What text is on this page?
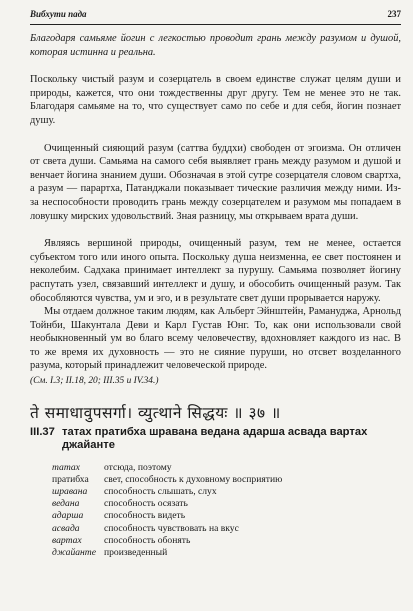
Вибхути пада	237

Благодаря самьяме йогин с легкостью проводит грань между разумом и душой, которая истинна и реальна.

Поскольку чистый разум и созерцатель в своем единстве служат целям души и природы, кажется, что они тождественны друг другу. Тем не менее это не так. Благодаря самьяме на то, что существует само по себе и для себя, йогин познает душу.

Очищенный сияющий разум (саттва буддхи) свободен от эгоизма. Он отличен от света души. Самьяма на самого себя выявляет грань между разумом и душой и венчает йогина знанием души. Обозначая в этой сутре созерцателя словом свартха, а разум — парартха, Патанджали показывает тические различия между ними. Из-за неспособности проводить грань между созерцателем и разумом мы попадаем в ловушку мирских удовольствий. Зная разницу, мы открываем врата души.

Являясь вершиной природы, очищенный разум, тем не менее, остается субъектом того или иного опыта. Поскольку душа неизменна, ее свет постоянен и неколебим. Садхака принимает интеллект за пурушу. Самьяма позволяет йогину распутать узел, связавший интеллект и душу, и обособить очищенный разум. Так обособляются чувства, ум и эго, и в результате свет души прорывается наружу.

Мы отдаем должное таким людям, как Альберт Эйнштейн, Рамануджа, Арнольд Тойнби, Шакунтала Деви и Карл Густав Юнг. То, как они использовали свой необыкновенный ум во благо всему человечеству, вдохновляет каждого из нас. В то же время их духовность — это не сияние пуруши, но отсвет возделанного разума, который принадлежит человеческой природе.

(См. I.3; II.18, 20; III.35 и IV.34.)

ते समाधावुपसर्गा। व्युत्थाने सिद्धयः ॥ ३७ ॥
III.37 татах пратибха шравана ведана адарша асвада вартах джайанте
татах	отсюда, поэтому
пратибха	свет, способность к духовному восприятию
шравана	способность слышать, слух
ведана	способность осязать
адарша	способность видеть
асвада	способность чувствовать на вкус
вартах	способность обонять
джайанте произведенный
